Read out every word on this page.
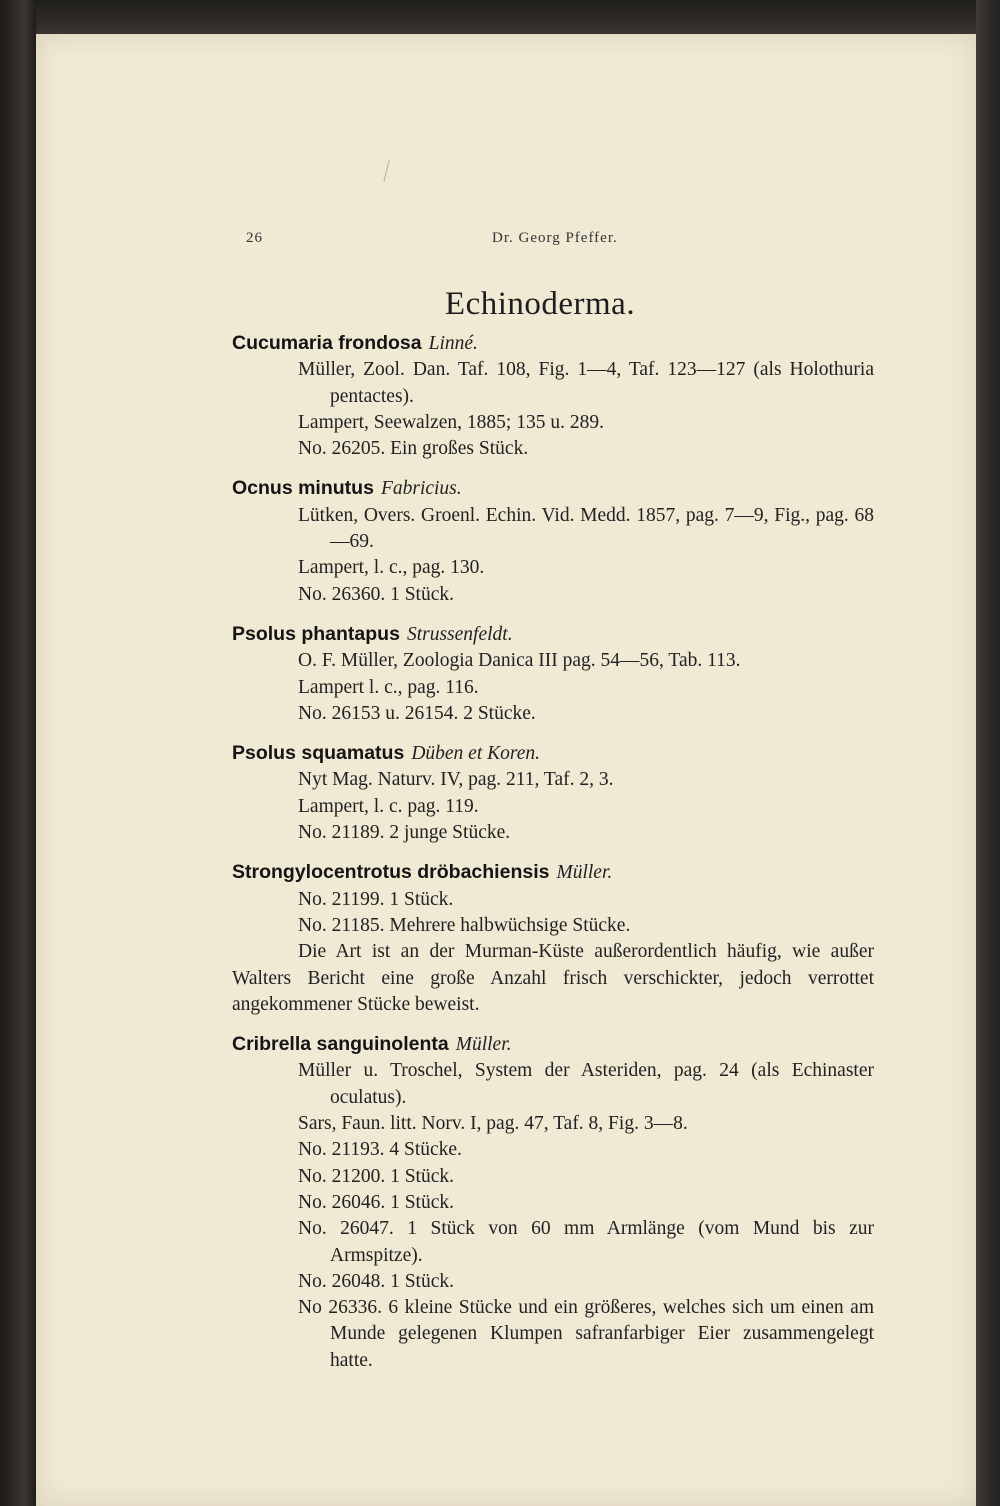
26	Dr. Georg Pfeffer.
Echinoderma.
Cucumaria frondosa Linné.
Müller, Zool. Dan. Taf. 108, Fig. 1—4, Taf. 123—127 (als Holothuria pentactes).
Lampert, Seewalzen, 1885; 135 u. 289.
No. 26205. Ein großes Stück.
Ocnus minutus Fabricius.
Lütken, Overs. Groenl. Echin. Vid. Medd. 1857, pag. 7—9, Fig., pag. 68—69.
Lampert, l. c., pag. 130.
No. 26360. 1 Stück.
Psolus phantapus Strussenfeldt.
O. F. Müller, Zoologia Danica III pag. 54—56, Tab. 113.
Lampert l. c., pag. 116.
No. 26153 u. 26154. 2 Stücke.
Psolus squamatus Düben et Koren.
Nyt Mag. Naturv. IV, pag. 211, Taf. 2, 3.
Lampert, l. c. pag. 119.
No. 21189. 2 junge Stücke.
Strongylocentrotus dröbachiensis Müller.
No. 21199. 1 Stück.
No. 21185. Mehrere halbwüchsige Stücke.
Die Art ist an der Murman-Küste außerordentlich häufig, wie außer Walters Bericht eine große Anzahl frisch verschickter, jedoch verrottet angekommener Stücke beweist.
Cribrella sanguinolenta Müller.
Müller u. Troschel, System der Asteriden, pag. 24 (als Echinaster oculatus).
Sars, Faun. litt. Norv. I, pag. 47, Taf. 8, Fig. 3—8.
No. 21193. 4 Stücke.
No. 21200. 1 Stück.
No. 26046. 1 Stück.
No. 26047. 1 Stück von 60 mm Armlänge (vom Mund bis zur Armspitze).
No. 26048. 1 Stück.
No 26336. 6 kleine Stücke und ein größeres, welches sich um einen am Munde gelegenen Klumpen safranfarbiger Eier zusammengelegt hatte.
